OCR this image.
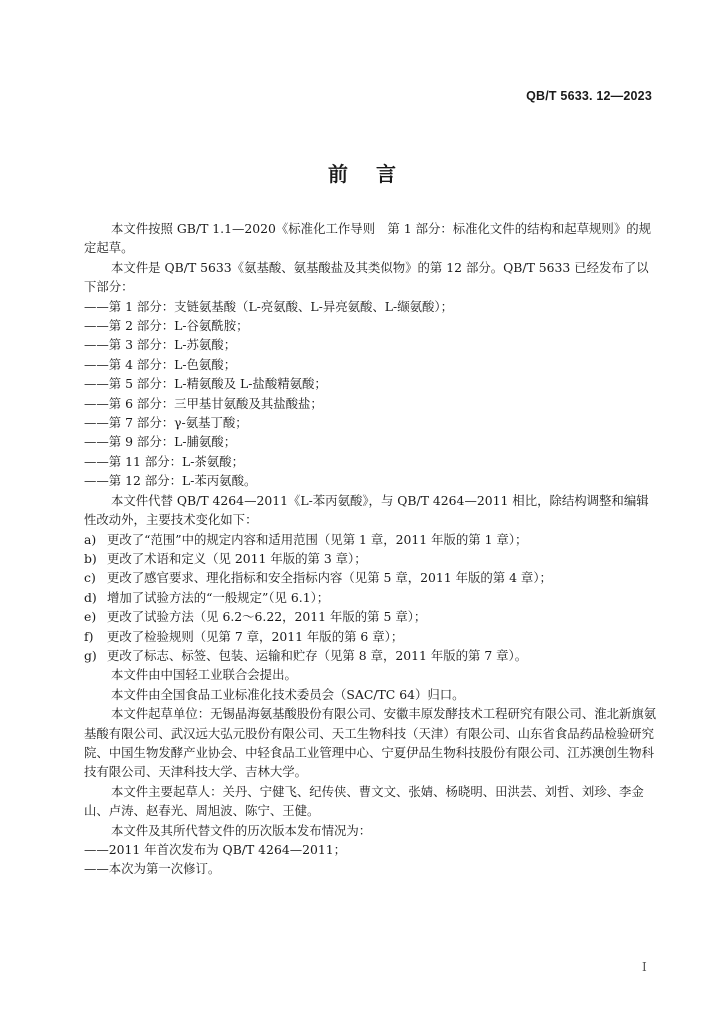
QB/T 5633. 12—2023
前言

本文件按照 GB/T 1.1—2020《标准化工作导则　第 1 部分：标准化文件的结构和起草规则》的规定起草。

本文件是 QB/T 5633《氨基酸、氨基酸盐及其类似物》的第 12 部分。QB/T 5633 已经发布了以下部分：

——第 1 部分：支链氨基酸（L-亮氨酸、L-异亮氨酸、L-缬氨酸）；

——第 2 部分：L-谷氨酰胺；

——第 3 部分：L-苏氨酸；

——第 4 部分：L-色氨酸；

——第 5 部分：L-精氨酸及 L-盐酸精氨酸；

——第 6 部分：三甲基甘氨酸及其盐酸盐；

——第 7 部分：γ-氨基丁酸；

——第 9 部分：L-脯氨酸；

——第 11 部分：L-茶氨酸；

——第 12 部分：L-苯丙氨酸。

本文件代替 QB/T 4264—2011《L-苯丙氨酸》，与 QB/T 4264—2011 相比，除结构调整和编辑性改动外，主要技术变化如下：

a) 更改了“范围”中的规定内容和适用范围（见第 1 章，2011 年版的第 1 章）；

b) 更改了术语和定义（见 2011 年版的第 3 章）；

c) 更改了感官要求、理化指标和安全指标内容（见第 5 章，2011 年版的第 4 章）；

d) 增加了试验方法的“一般规定”（见 6.1）；

e) 更改了试验方法（见 6.2～6.22，2011 年版的第 5 章）；

f) 更改了检验规则（见第 7 章，2011 年版的第 6 章）；

g) 更改了标志、标签、包装、运输和贮存（见第 8 章，2011 年版的第 7 章）。

本文件由中国轻工业联合会提出。

本文件由全国食品工业标准化技术委员会（SAC/TC 64）归口。

本文件起草单位：无锡晶海氨基酸股份有限公司、安徽丰原发酵技术工程研究有限公司、淮北新旗氨基酸有限公司、武汉远大弘元股份有限公司、天工生物科技（天津）有限公司、山东省食品药品检验研究院、中国生物发酵产业协会、中轻食品工业管理中心、宁夏伊品生物科技股份有限公司、江苏澳创生物科技有限公司、天津科技大学、吉林大学。

本文件主要起草人：关丹、宁健飞、纪传侠、曹文文、张婧、杨晓明、田洪芸、刘哲、刘珍、李金山、卢涛、赵春光、周旭波、陈宁、王健。

本文件及其所代替文件的历次版本发布情况为：

——2011 年首次发布为 QB/T 4264—2011；

——本次为第一次修订。

I
